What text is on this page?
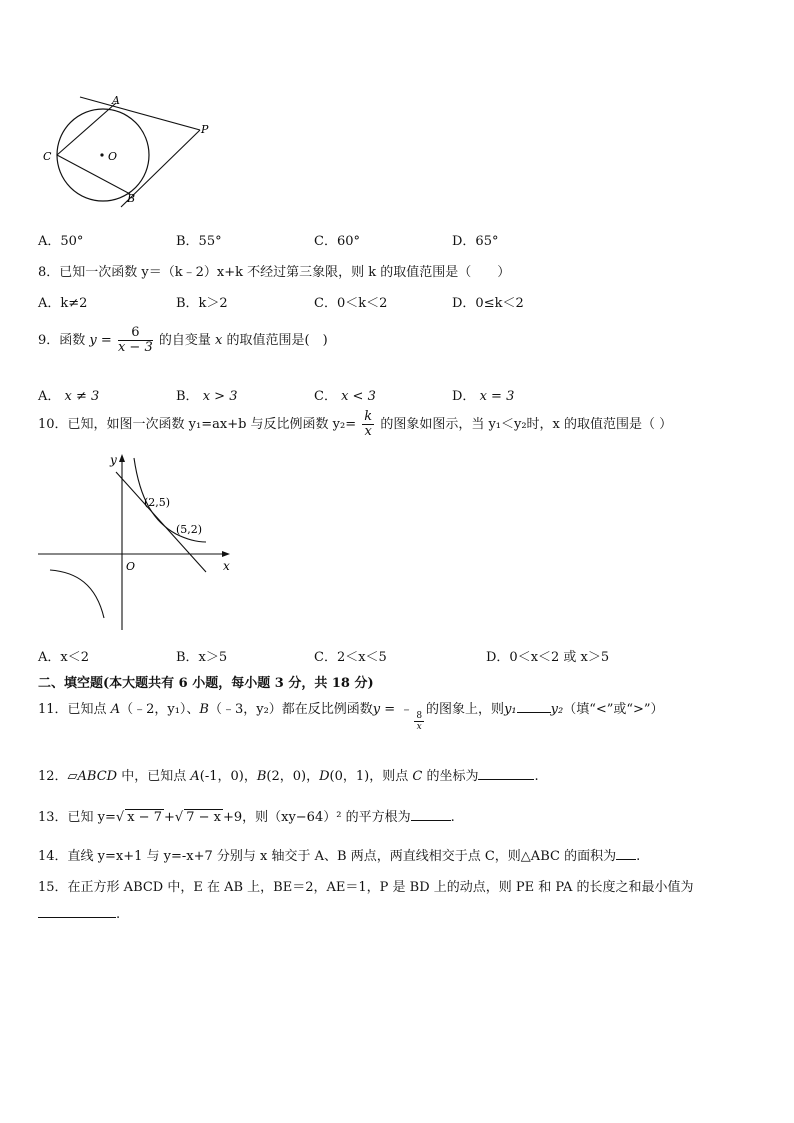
A
B
C	O
P
A．50°	B．55°	C．60°	D．65°
8．已知一次函数 y＝（k﹣2）x+k 不经过第三象限，则 k 的取值范围是（　　）
A．k≠2	B．k＞2	C．0＜k＜2	D．0≤k＜2
9．函数 $y = \frac{6}{x - 3}$ 的自变量 x 的取值范围是(　)
A． x ≠ 3	B． x > 3	C． x < 3	D． x = 3
10．已知，如图一次函数 y₁=ax+b 与反比例函数 $y_2= \frac{k}{x}$ 的图象如图示，当 y₁＜y₂时，x 的取值范围是（ ）
y
x
O
(2,5)
(5,2)
A．x＜2	B．x＞5	C．2＜x＜5	D．0＜x＜2 或 x＞5
二、填空题(本大题共有 6 小题，每小题 3 分，共 18 分)
11．已知点 A（﹣2，y₁）、B（﹣3，y₂）都在反比例函数y = ﹣
$\frac{8}{x}$
的图象上，则y₁	y₂（填“<”或“>”）
12．▱ABCD 中，已知点 A(-1，0)，B(2，0)，D(0，1)，则点 C 的坐标为	.
13．已知 y=√ x − 7 +√ 7 − x +9，则（xy−64）² 的平方根为	.
14．直线 y=x+1 与 y=-x+7 分别与 x 轴交于 A、B 两点，两直线相交于点 C，则△ABC 的面积为 .
15．在正方形 ABCD 中，E 在 AB 上，BE＝2，AE＝1，P 是 BD 上的动点，则 PE 和 PA 的长度之和最小值为
.
